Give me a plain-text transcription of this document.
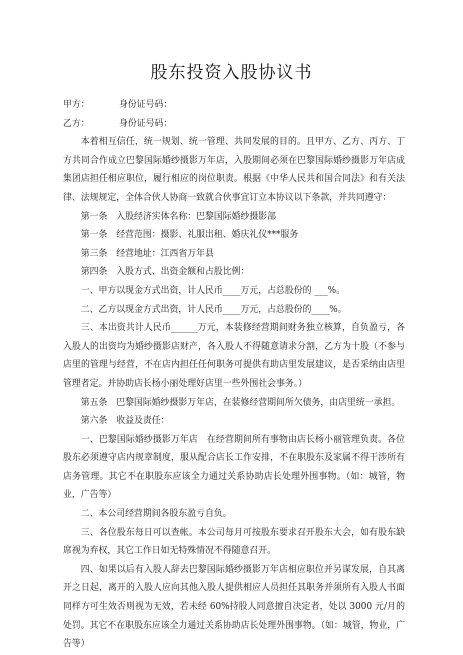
股东投资入股协议书
甲方：	身份证号码：
乙方：	身份证号码：

本着相互信任，统一规划、统一管理、共同发展的目的。且甲方、乙方、丙方、丁方共同合作成立巴黎国际婚纱摄影万年店，入股期间必须在巴黎国际婚纱摄影万年店成集团店担任相应职位，履行相应的岗位职责。根据《中华人民共和国合同法》和有关法律、法规规定，全体合伙人协商一致就合伙事宜订立本协议以下条款，并共同遵守：

第一条　入股经济实体名称：巴黎国际婚纱摄影部

第一条　经营范围：摄影、礼服出租、婚庆礼仪***服务

第三条　经营地址：江西省万年县

第四条　入股方式、出资金额和占股比例：

一、甲方以现金方式出资，计人民币____万元，占总股份的 ___%。

二、乙方以现金方式出资，计人民币____万元，占总股份的____%。

三、本出资共计人民币______万元，本装修经营期间财务独立核算，自负盈亏，各入股人的出资均为婚纱摄影店财产，各入股人不得随意请求分割，乙方为十股（不参与店里的管理与经营，不在店内担任任何职务可提供有助店里发展建议，是否采纳由店里管理者定。并协助店长杨小丽处理好店里一些外围社会事务。）

第五条　巴黎国际婚纱摄影万年店，在装修经营期间所欠债务，由店里统一承担。

第六条　收益及责任：

一、巴黎国际婚纱摄影万年店　在经营期间所有事物由店长杨小丽管理负责。各位股东必须遵守店内规章制度，服从配合店长工作安排，不在职股东及家属不得干涉所有店务管理。其它不在职股东应该全力通过关系协助店长处理外围事物。（如：城管，物业，广告等）

二、本公司经营期间各股东盈亏自负。

三、各位股东每日可以查帐。本公司每月可按股东要求召开股东大会，如有股东缺席视为弃权，其它工作日如无特殊情况不得随意召开。

四、如果以后有入股人辞去巴黎国际婚纱摄影万年店相应职位并另谋发展，自其离开之日起，离开的入股人应向其他入股人提供相应人员担任其职务并须所有入股人书面同样方可生效否则视为无效，若未经 60%持股人同意擅自决定者，处以 3000 元/月的处罚。其它不在职股东应该全力通过关系协助店长处理外围事物。（如：城管，物业，广告等）
